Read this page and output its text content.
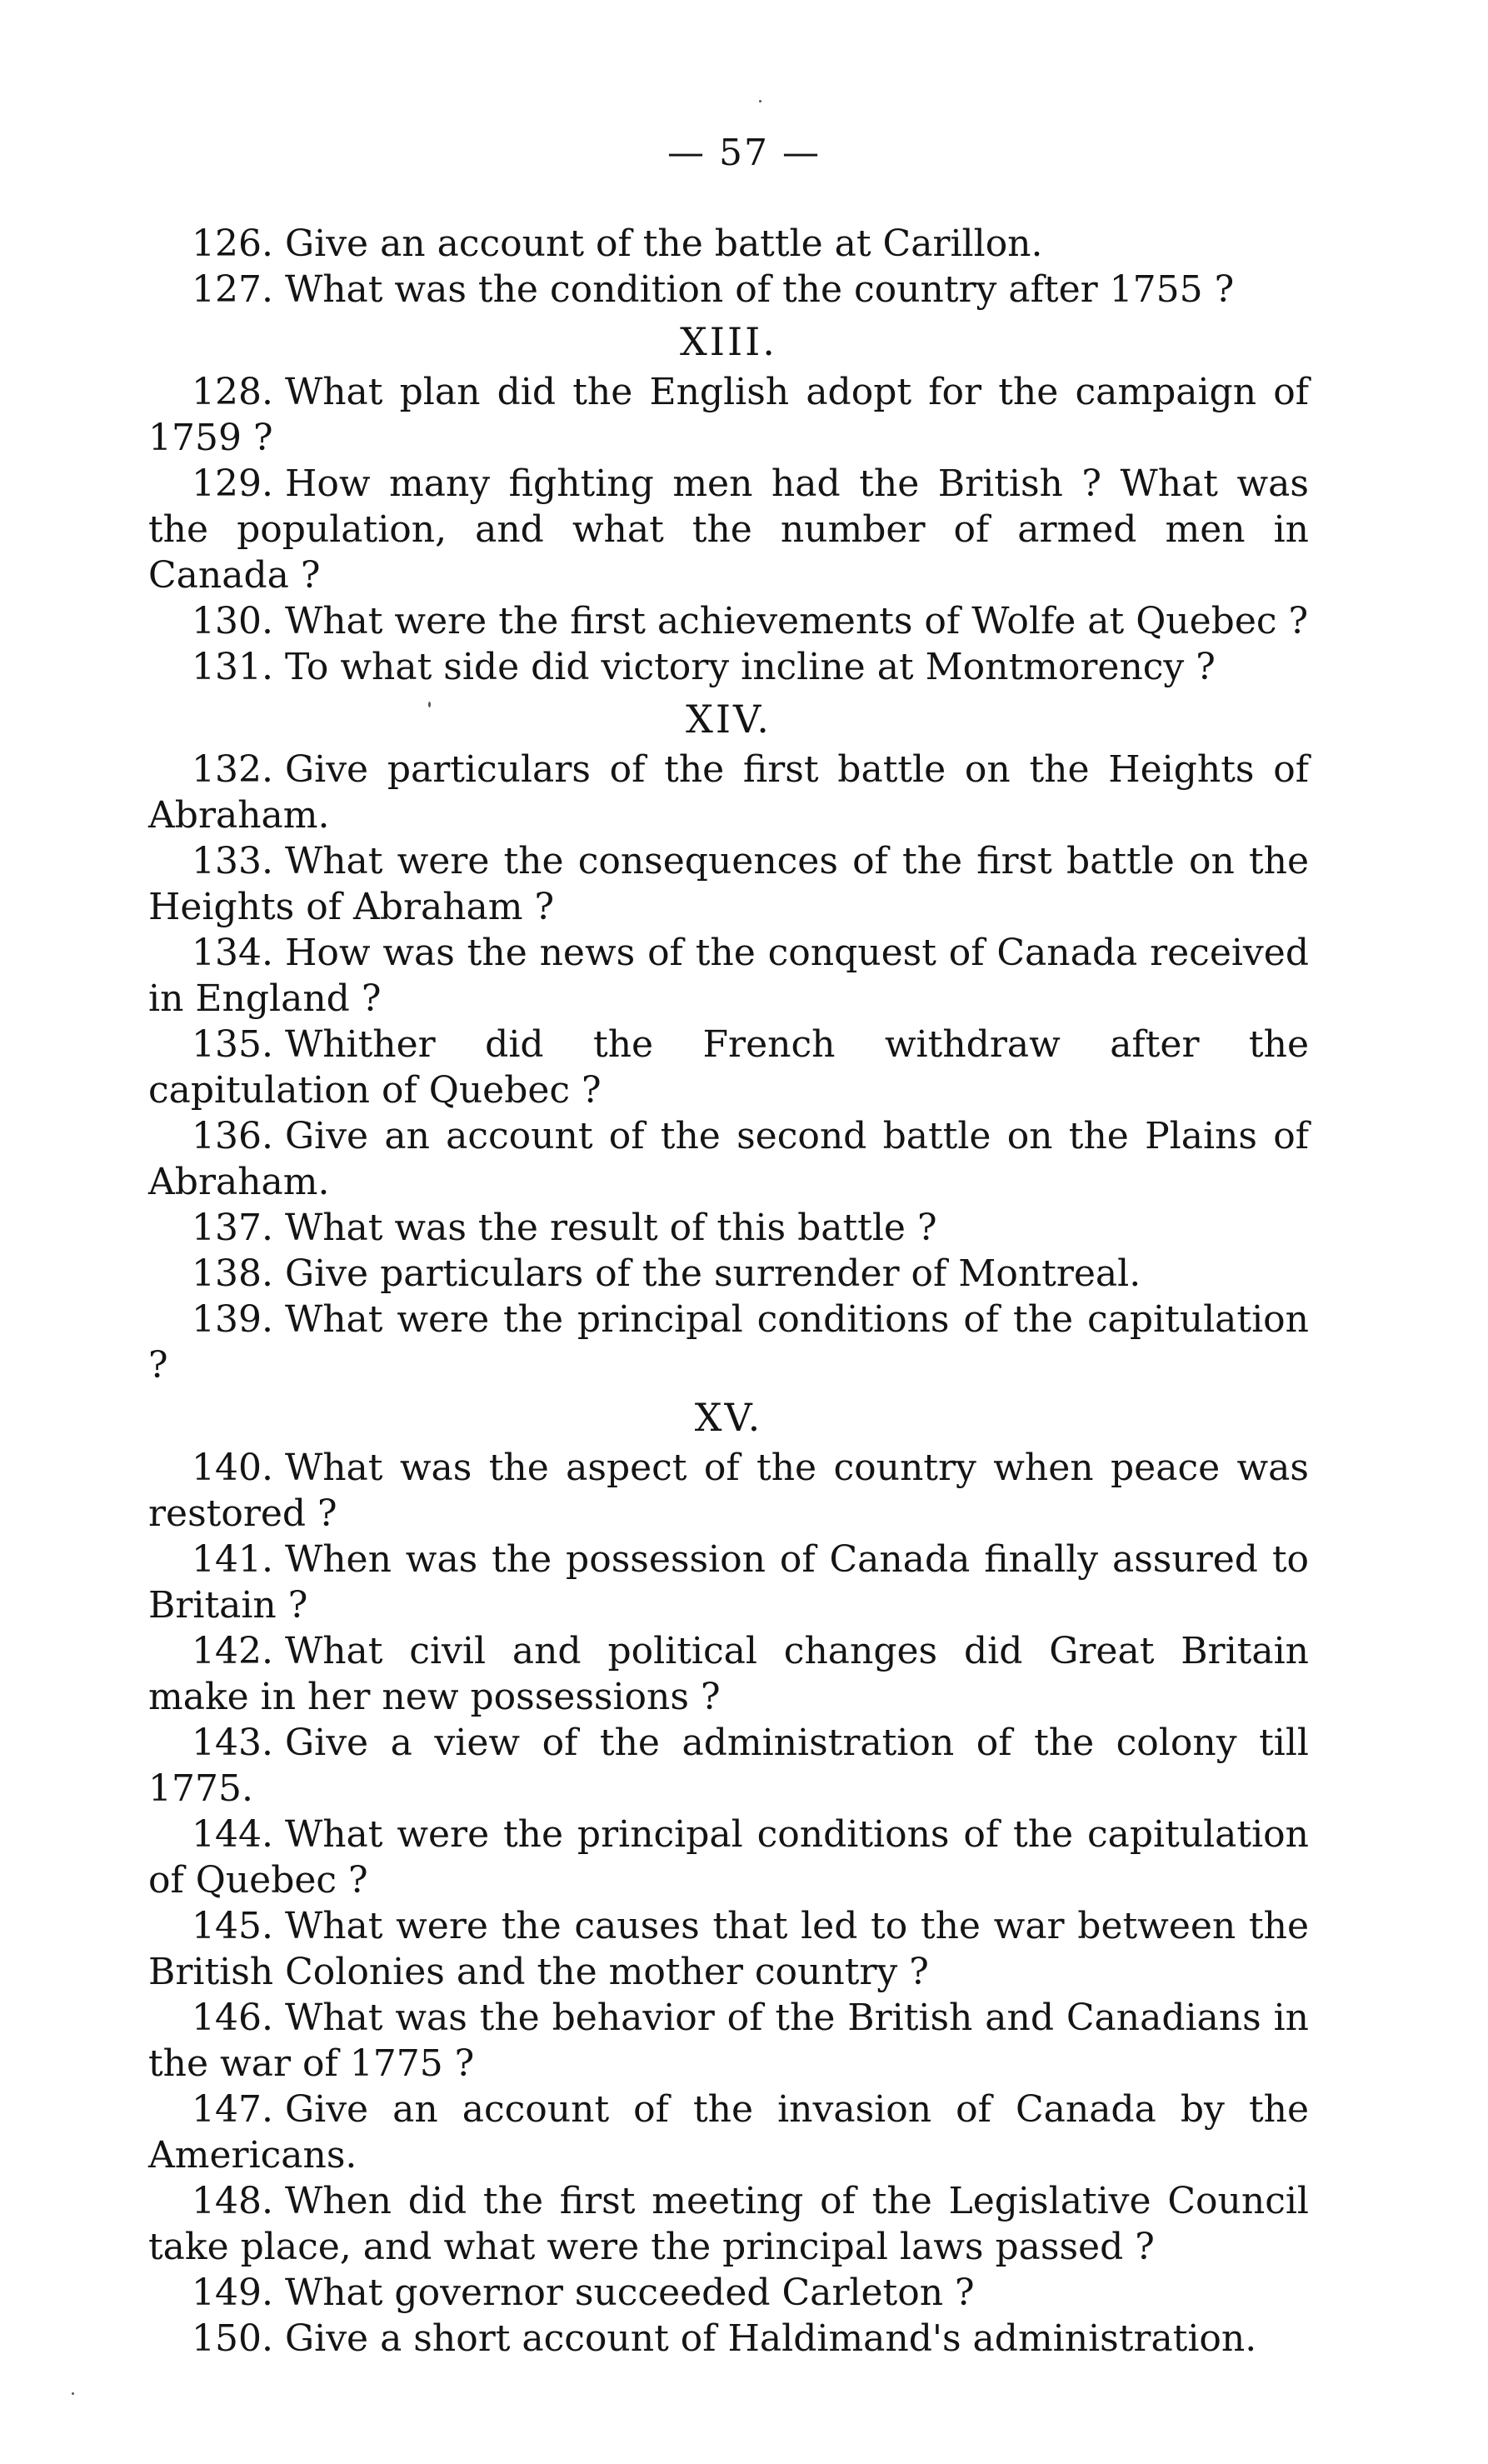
— 57 —

126. Give an account of the battle at Carillon.

127. What was the condition of the country after 1755 ?

XIII.

128. What plan did the English adopt for the campaign of 1759 ?

129. How many fighting men had the British ? What was the population, and what the number of armed men in Canada ?

130. What were the first achievements of Wolfe at Quebec ?

131. To what side did victory incline at Montmorency ?

XIV.

132. Give particulars of the first battle on the Heights of Abraham.

133. What were the consequences of the first battle on the Heights of Abraham ?

134. How was the news of the conquest of Canada received in England ?

135. Whither did the French withdraw after the capitulation of Quebec ?

136. Give an account of the second battle on the Plains of Abraham.

137. What was the result of this battle ?

138. Give particulars of the surrender of Montreal.

139. What were the principal conditions of the capitulation ?

XV.

140. What was the aspect of the country when peace was restored ?

141. When was the possession of Canada finally assured to Britain ?

142. What civil and political changes did Great Britain make in her new possessions ?

143. Give a view of the administration of the colony till 1775.

144. What were the principal conditions of the capitulation of Quebec ?

145. What were the causes that led to the war between the British Colonies and the mother country ?

146. What was the behavior of the British and Canadians in the war of 1775 ?

147. Give an account of the invasion of Canada by the Americans.

148. When did the first meeting of the Legislative Council take place, and what were the principal laws passed ?

149. What governor succeeded Carleton ?

150. Give a short account of Haldimand's administration.
